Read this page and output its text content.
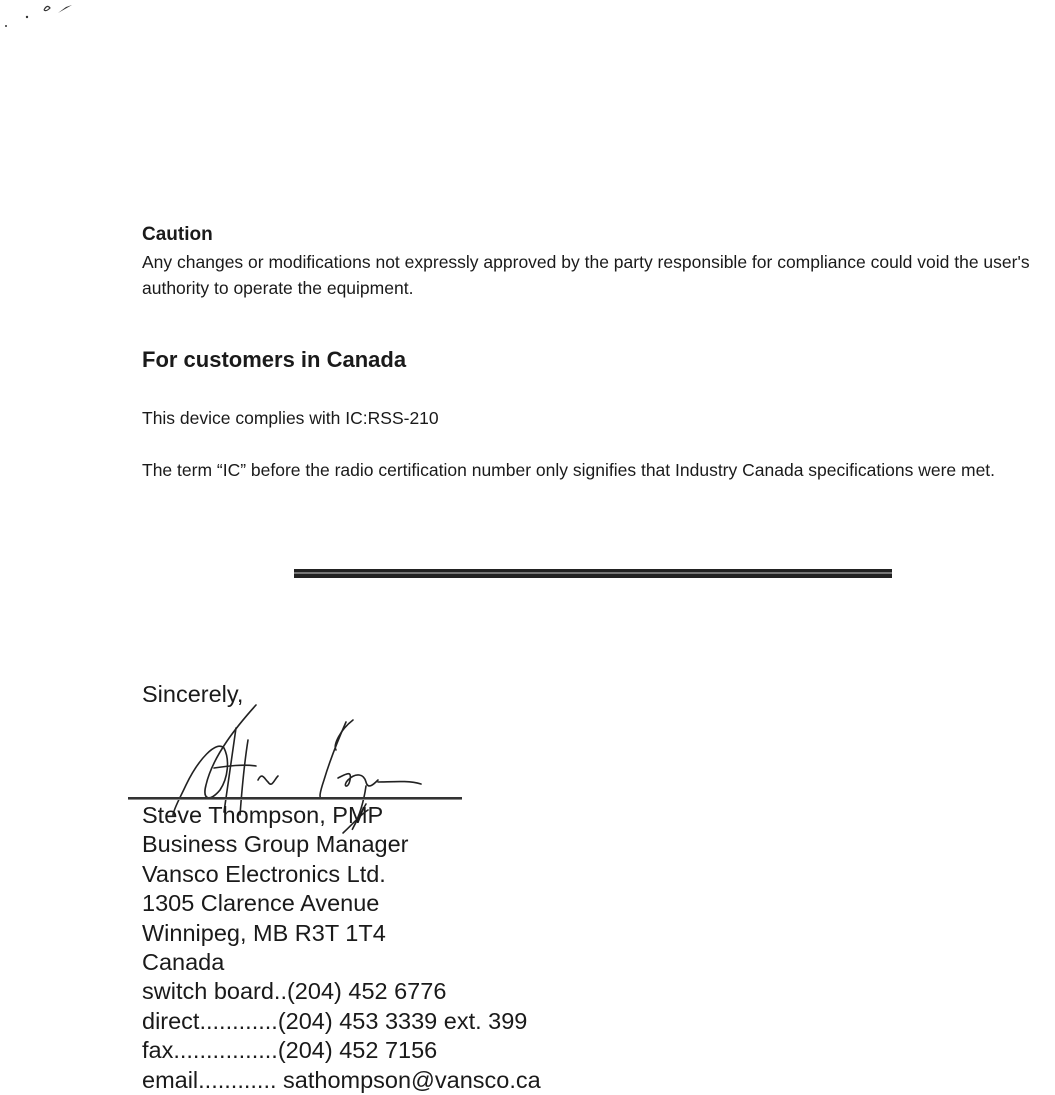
Caution

Any changes or modifications not expressly approved by the party responsible for compliance could void the user's authority to operate the equipment.

For customers in Canada

This device complies with IC:RSS-210

The term “IC” before the radio certification number only signifies that Industry Canada specifications were met.

Sincerely,

Steve Thompson, PMP
Business Group Manager
Vansco Electronics Ltd.
1305 Clarence Avenue
Winnipeg, MB R3T 1T4
Canada
switch board..(204) 452 6776
direct............(204) 453 3339 ext. 399
fax................(204) 452 7156
email............ sathompson@vansco.ca
